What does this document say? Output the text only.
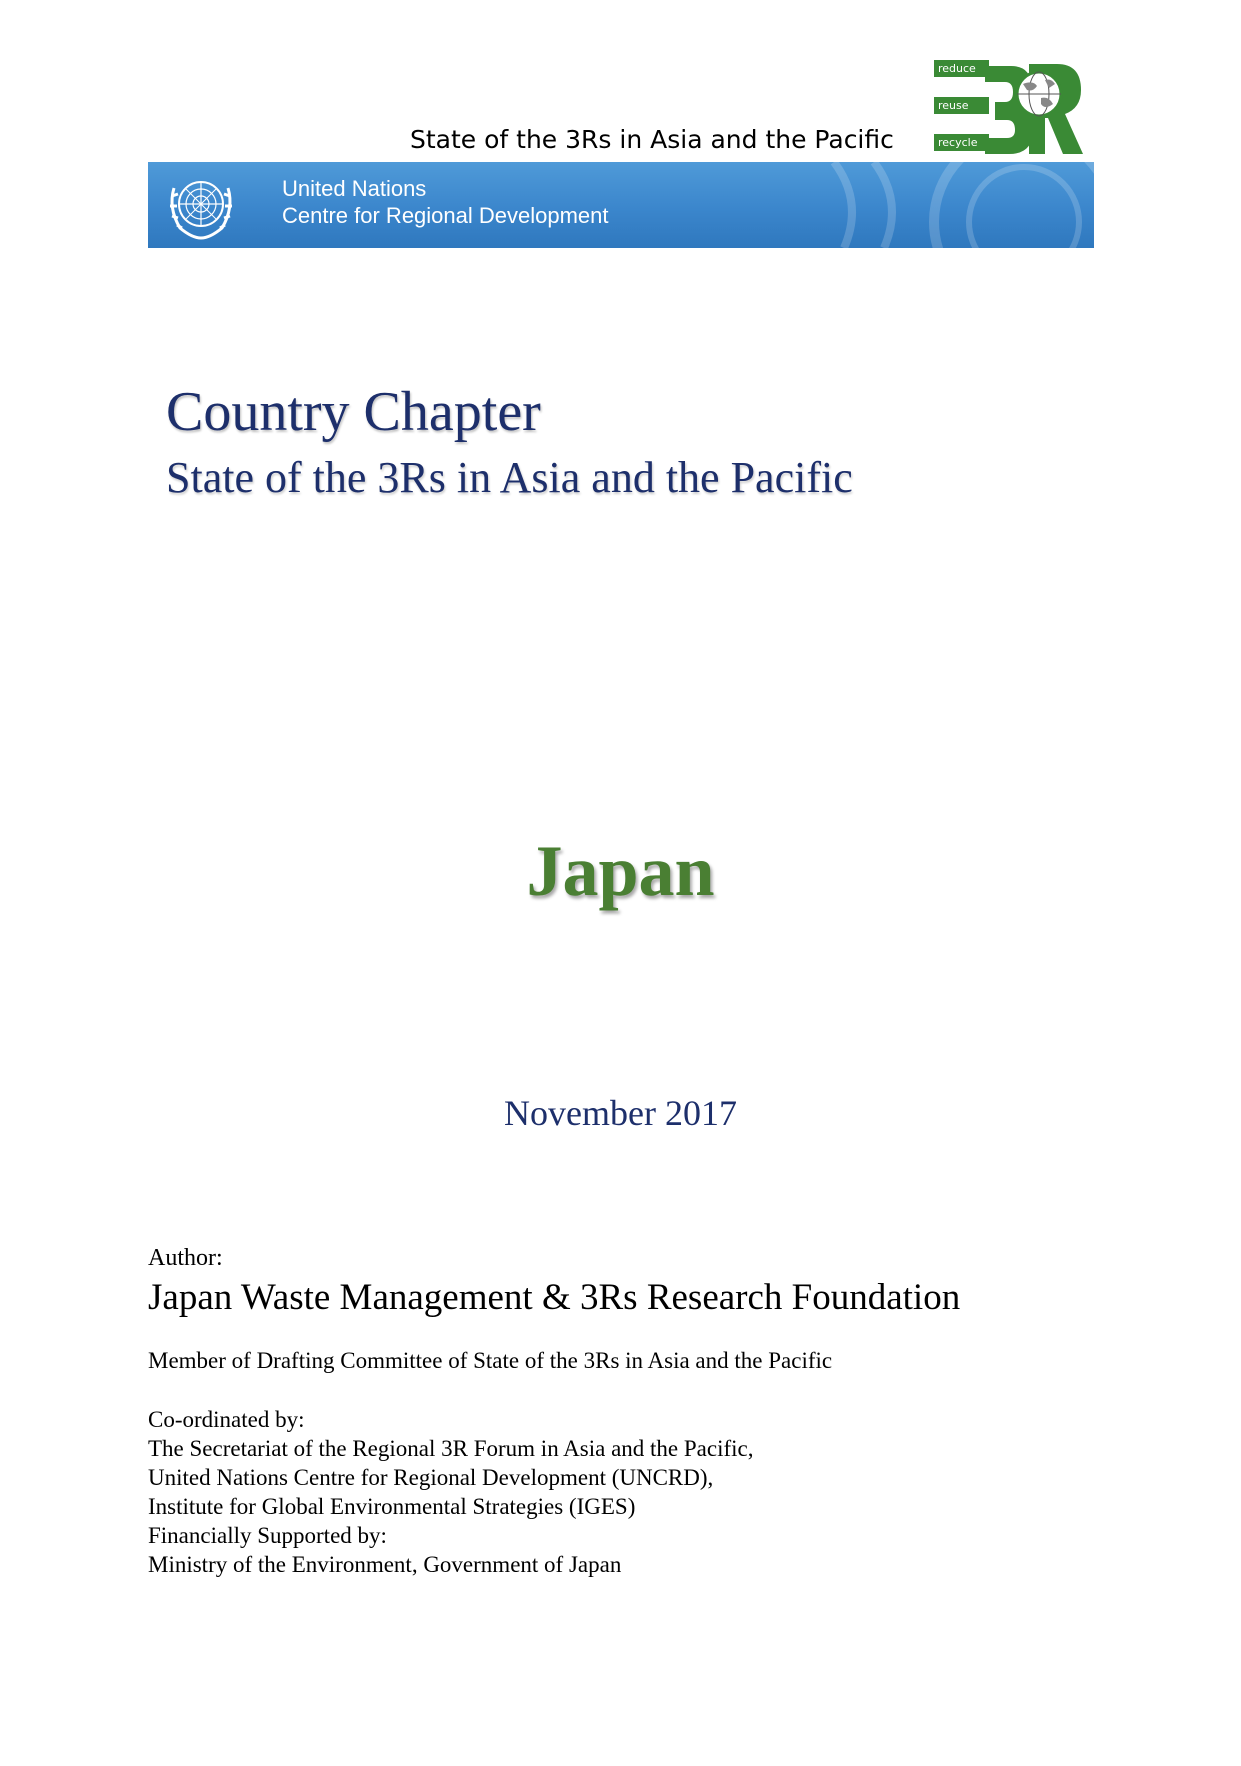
State of the 3Rs in Asia and the Pacific
reduce
reuse
recycle
United Nations
Centre for Regional Development
Country Chapter
State of the 3Rs in Asia and the Pacific
Japan
November 2017
Author:
Japan Waste Management & 3Rs Research Foundation
Member of Drafting Committee of State of the 3Rs in Asia and the Pacific
Co-ordinated by:
The Secretariat of the Regional 3R Forum in Asia and the Pacific,
United Nations Centre for Regional Development (UNCRD),
Institute for Global Environmental Strategies (IGES)
Financially Supported by:
Ministry of the Environment, Government of Japan
